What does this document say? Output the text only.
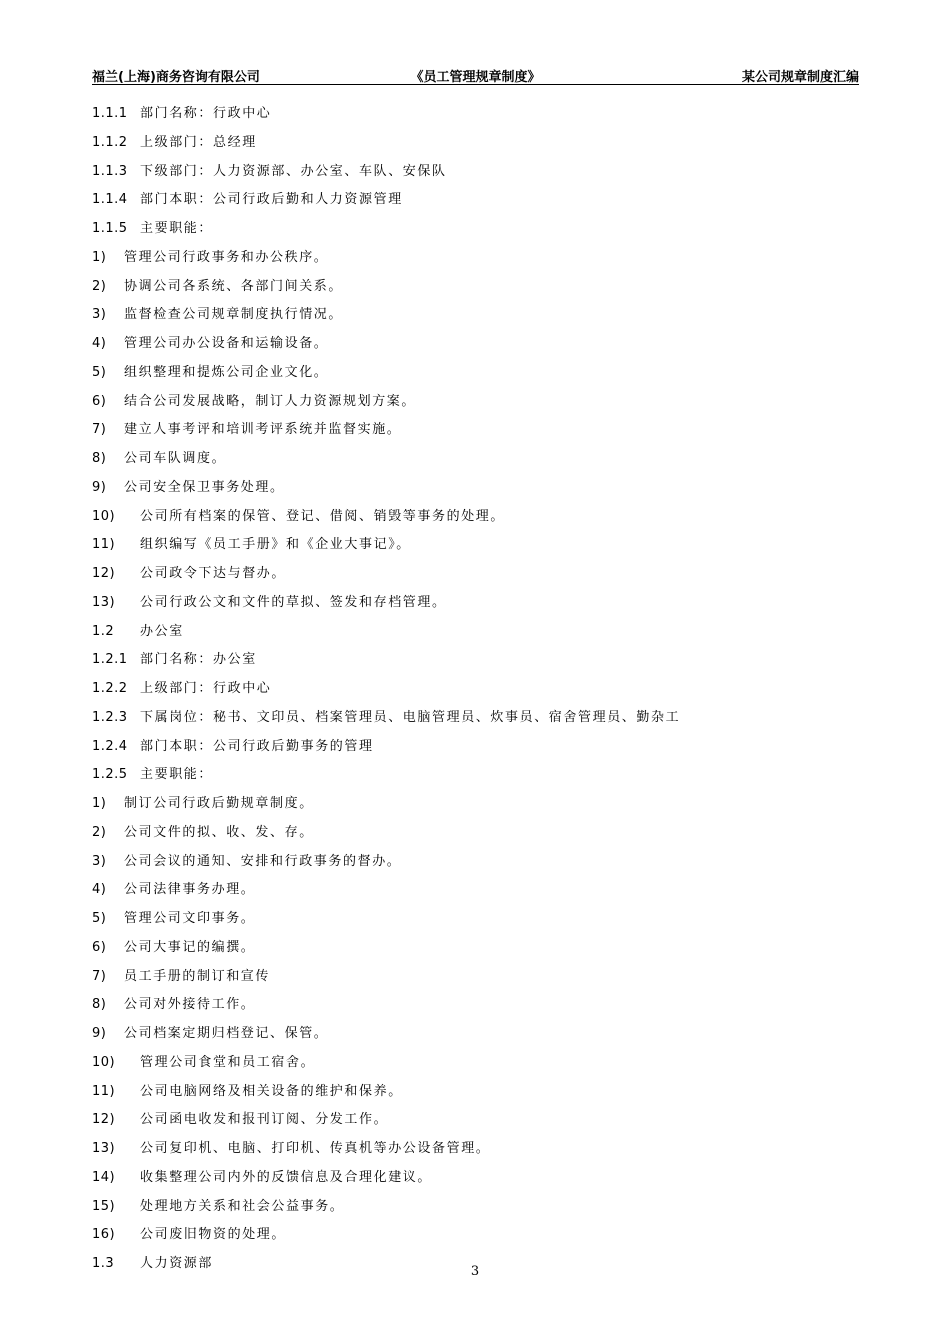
福兰(上海)商务咨询有限公司	《员工管理规章制度》	某公司规章制度汇编
1.1.1 部门名称：行政中心
1.1.2 上级部门：总经理
1.1.3 下级部门：人力资源部、办公室、车队、安保队
1.1.4 部门本职：公司行政后勤和人力资源管理
1.1.5 主要职能：
1) 管理公司行政事务和办公秩序。
2) 协调公司各系统、各部门间关系。
3) 监督检查公司规章制度执行情况。
4) 管理公司办公设备和运输设备。
5) 组织整理和提炼公司企业文化。
6) 结合公司发展战略，制订人力资源规划方案。
7) 建立人事考评和培训考评系统并监督实施。
8) 公司车队调度。
9) 公司安全保卫事务处理。
10) 公司所有档案的保管、登记、借阅、销毁等事务的处理。
11) 组织编写《员工手册》和《企业大事记》。
12) 公司政令下达与督办。
13) 公司行政公文和文件的草拟、签发和存档管理。
1.2 办公室
1.2.1 部门名称：办公室
1.2.2 上级部门：行政中心
1.2.3 下属岗位：秘书、文印员、档案管理员、电脑管理员、炊事员、宿舍管理员、勤杂工
1.2.4 部门本职：公司行政后勤事务的管理
1.2.5 主要职能：
1) 制订公司行政后勤规章制度。
2) 公司文件的拟、收、发、存。
3) 公司会议的通知、安排和行政事务的督办。
4) 公司法律事务办理。
5) 管理公司文印事务。
6) 公司大事记的编撰。
7) 员工手册的制订和宣传
8) 公司对外接待工作。
9) 公司档案定期归档登记、保管。
10) 管理公司食堂和员工宿舍。
11) 公司电脑网络及相关设备的维护和保养。
12) 公司函电收发和报刊订阅、分发工作。
13) 公司复印机、电脑、打印机、传真机等办公设备管理。
14) 收集整理公司内外的反馈信息及合理化建议。
15) 处理地方关系和社会公益事务。
16) 公司废旧物资的处理。
1.3 人力资源部
3
